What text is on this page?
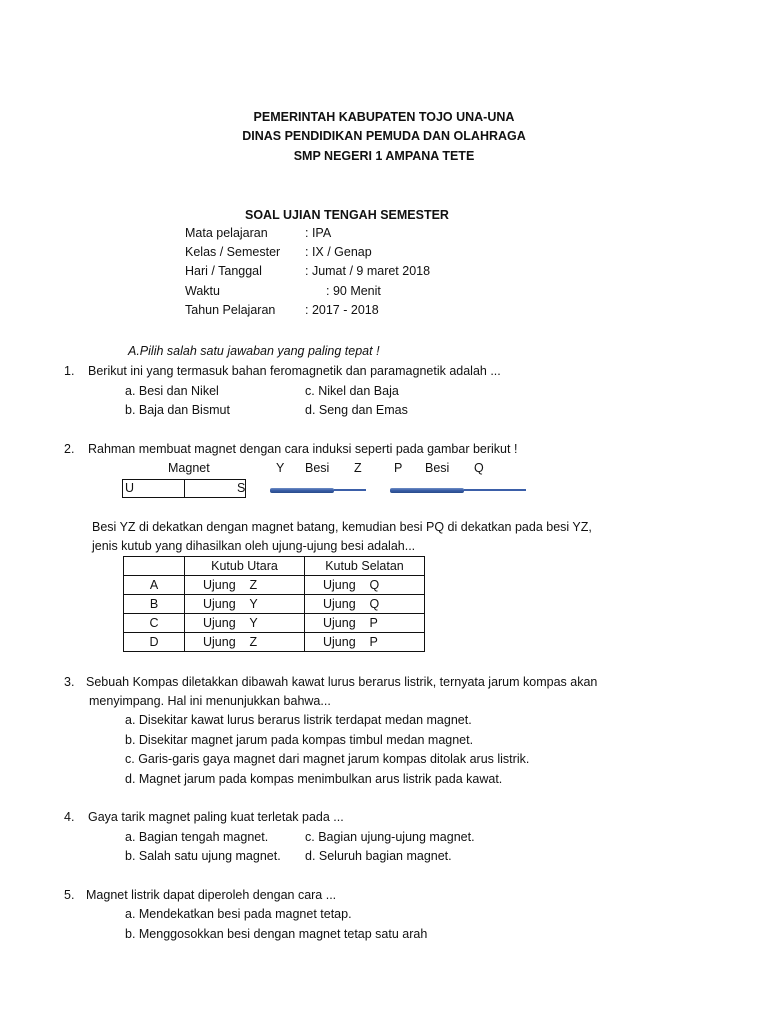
PEMERINTAH KABUPATEN TOJO UNA-UNA
DINAS PENDIDIKAN PEMUDA DAN OLAHRAGA
SMP NEGERI 1 AMPANA TETE
SOAL UJIAN TENGAH SEMESTER
Mata pelajaran	: IPA
Kelas / Semester : IX / Genap
Hari / Tanggal	: Jumat / 9 maret 2018
Waktu	: 90 Menit
Tahun Pelajaran : 2017 - 2018
A.Pilih salah satu jawaban yang paling tepat !
1. Berikut ini yang termasuk bahan feromagnetik dan paramagnetik adalah ...
a. Besi dan Nikel	c. Nikel dan Baja
b. Baja dan Bismut	d. Seng dan Emas
2. Rahman membuat magnet dengan cara induksi seperti pada gambar berikut !
Magnet	Y Besi Z	P Besi Q
U	S
Besi YZ di dekatkan dengan magnet batang, kemudian besi PQ di dekatkan pada besi YZ,
jenis kutub yang dihasilkan oleh ujung-ujung besi adalah...
	Kutub Utara	Kutub Selatan
A	Ujung    Z	Ujung    Q
B	Ujung    Y	Ujung    Q
C	Ujung    Y	Ujung    P
D	Ujung    Z	Ujung    P
3. Sebuah Kompas diletakkan dibawah kawat lurus berarus listrik, ternyata jarum kompas akan
menyimpang. Hal ini menunjukkan bahwa...
a. Disekitar kawat lurus berarus listrik terdapat medan magnet.
b. Disekitar magnet jarum pada kompas timbul medan magnet.
c. Garis-garis gaya magnet dari magnet jarum kompas ditolak arus listrik.
d. Magnet jarum pada kompas menimbulkan arus listrik pada kawat.
4. Gaya tarik magnet paling kuat terletak pada ...
a. Bagian tengah magnet.	c. Bagian ujung-ujung magnet.
b. Salah satu ujung magnet. d. Seluruh bagian magnet.
5. Magnet listrik dapat diperoleh dengan cara ...
a. Mendekatkan besi pada magnet tetap.
b. Menggosokkan besi dengan magnet tetap satu arah
